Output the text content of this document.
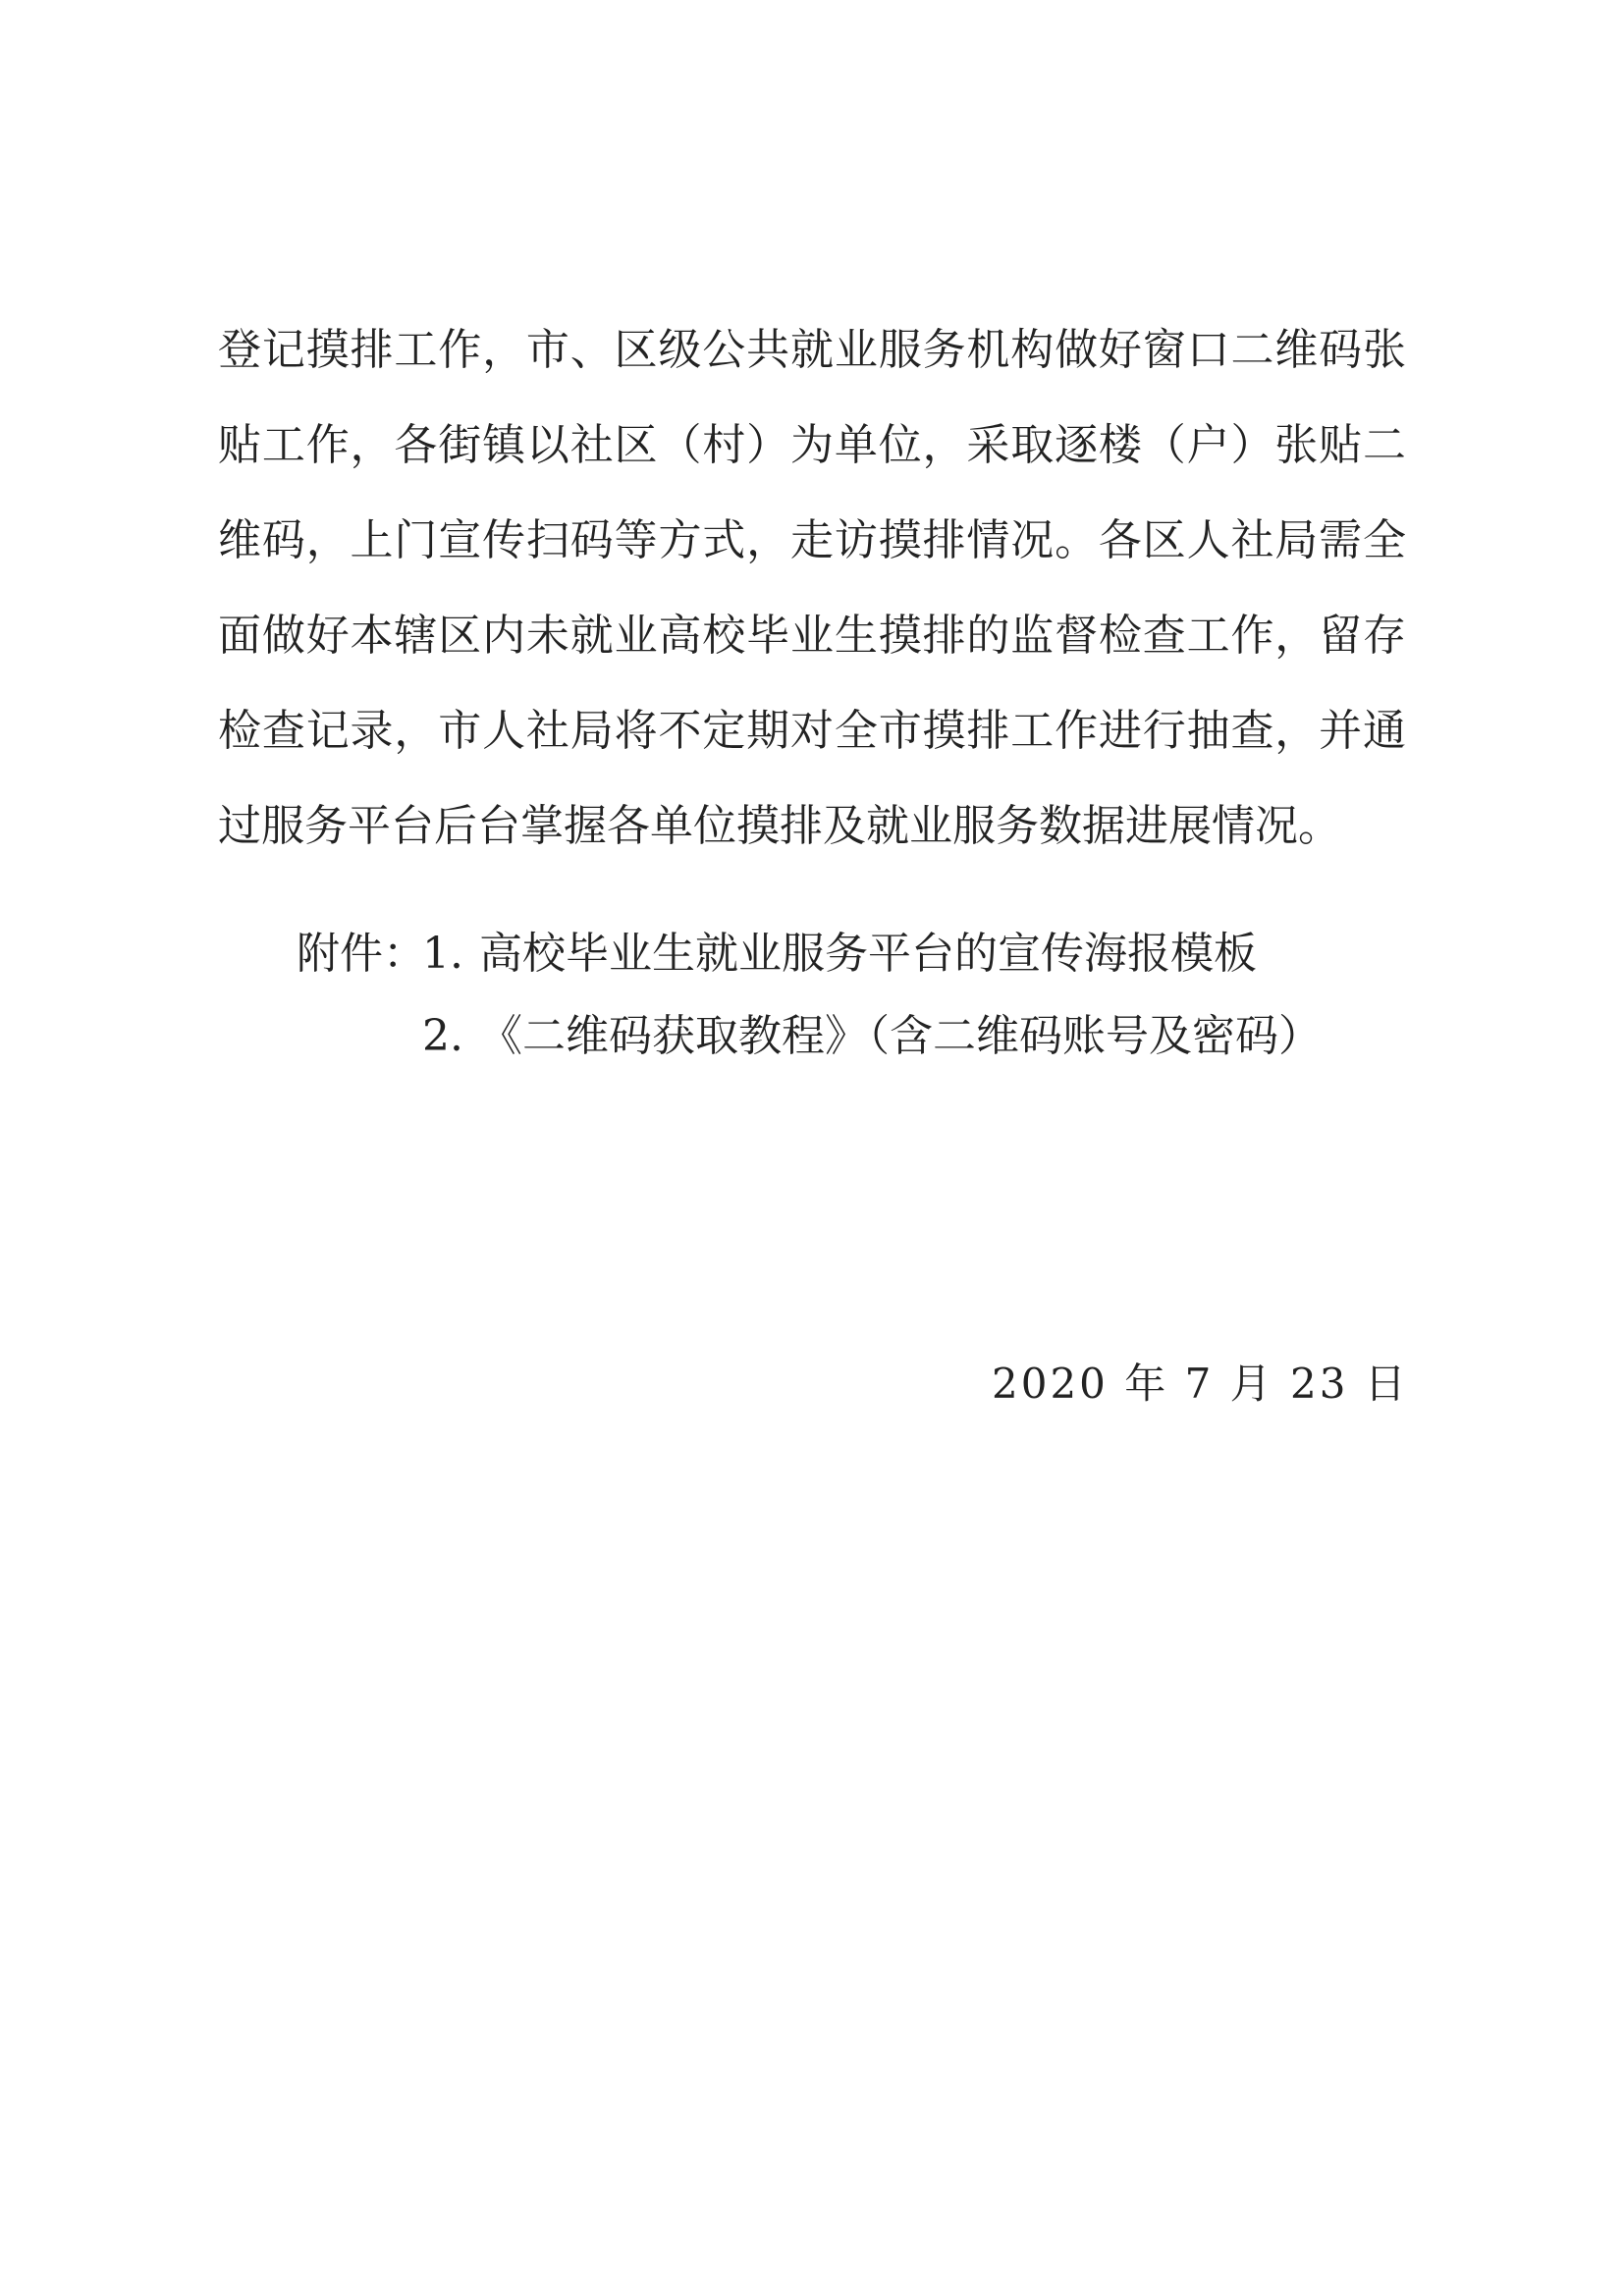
登记摸排工作，市、区级公共就业服务机构做好窗口二维码张
贴工作，各街镇以社区（村）为单位，采取逐楼（户）张贴二
维码，上门宣传扫码等方式，走访摸排情况。各区人社局需全
面做好本辖区内未就业高校毕业生摸排的监督检查工作，留存
检查记录，市人社局将不定期对全市摸排工作进行抽查，并通
过服务平台后台掌握各单位摸排及就业服务数据进展情况。
附件：1. 高校毕业生就业服务平台的宣传海报模板
2. 《二维码获取教程》（含二维码账号及密码）
2020 年 7 月 23 日
